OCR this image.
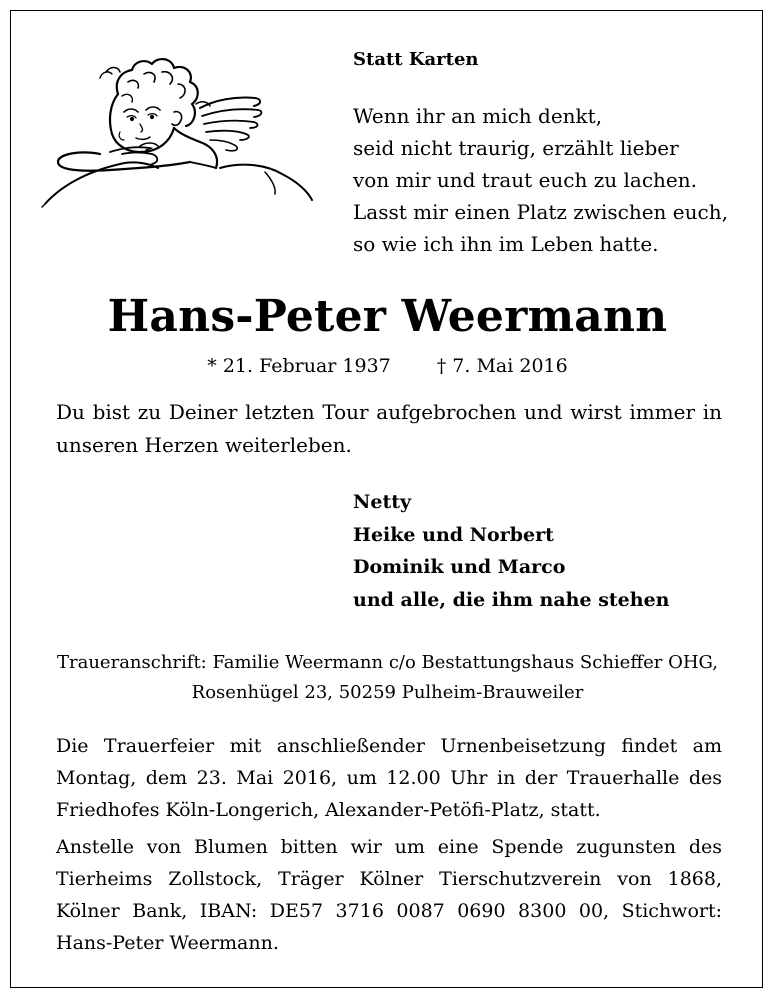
Statt Karten
Wenn ihr an mich denkt,
seid nicht traurig, erzählt lieber
von mir und traut euch zu lachen.
Lasst mir einen Platz zwischen euch,
so wie ich ihn im Leben hatte.
Hans-Peter Weermann
* 21. Februar 1937 † 7. Mai 2016
Du bist zu Deiner letzten Tour aufgebrochen und wirst immer in unseren Herzen weiterleben.
Netty
Heike und Norbert
Dominik und Marco
und alle, die ihm nahe stehen
Traueranschrift: Familie Weermann c/o Bestattungshaus Schieffer OHG,
Rosenhügel 23, 50259 Pulheim-Brauweiler
Die Trauerfeier mit anschließender Urnenbeisetzung findet am Montag, dem 23. Mai 2016, um 12.00 Uhr in der Trauerhalle des Friedhofes Köln-Longerich, Alexander-Petöfi-Platz, statt.
Anstelle von Blumen bitten wir um eine Spende zugunsten des Tierheims Zollstock, Träger Kölner Tierschutzverein von 1868, Kölner Bank, IBAN: DE57 3716 0087 0690 8300 00, Stichwort: Hans-Peter Weermann.
